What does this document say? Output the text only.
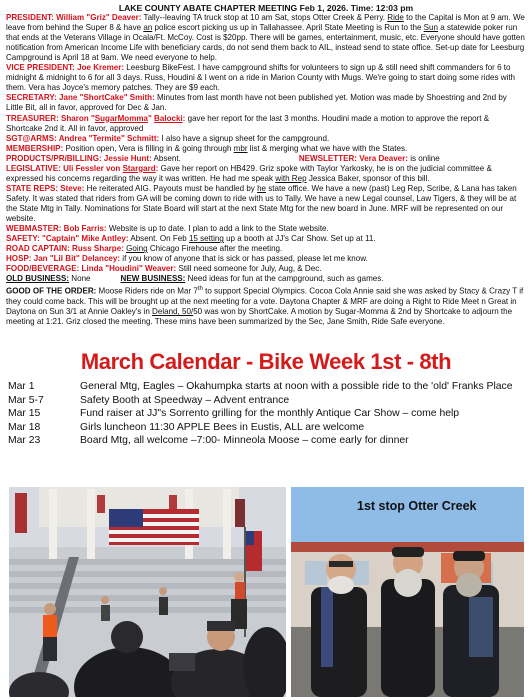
LAKE COUNTY ABATE CHAPTER MEETING Feb 1, 2026. Time: 12:03 pm

PRESIDENT: William "Griz" Deaver: Tally--leaving TA truck stop at 10 am Sat, stops Otter Creek & Perry. Ride to the Capital is Mon at 9 am. We leave from behind the Super 8 & have an police escort picking us up in Tallahassee. April State Meeting is Run to the Sun a statewide poker run that ends at the Veterans Village in Ocala/Ft. McCoy. Cost is $20pp. There will be games, entertainment, music, etc. Everyone should have gotten notification from American Income Life with beneficiary cards, do not send them back to AIL, instead send to state office. Set-up date for Leesburg Campground is April 18 at 9am. We need everyone to help.

VICE PRESIDENT: Joe Kremer: Leesburg BikeFest. I have campground shifts for volunteers to sign up & still need shift commanders for 6 to midnight & midnight to 6 for all 3 days. Russ, Houdini & I went on a ride in Marion County with Mugs. We're going to start doing some rides with them. Vera has Joyce's memory patches. They are $9 each.

SECRETARY: Jane "ShortCake" Smith: Minutes from last month have not been published yet. Motion was made by Shoestring and 2nd by Little Bit, all in favor, approved for Dec & Jan.

TREASURER: Sharon "SugarMomma" Balocki: gave her report for the last 3 months. Houdini made a motion to approve the report & Shortcake 2nd it. All in favor, approved

SGT@ARMS: Andrea "Termite" Schmitt: I also have a signup sheet for the campground.

MEMBERSHIP: Position open, Vera is filling in & going through mbr list & merging what we have with the States.

PRODUCTS/PR/BILLING: Jessie Hunt: Absent.	NEWSLETTER: Vera Deaver: is online

LEGISLATIVE: Uli Fessler von Stargard: Gave her report on HB429. Griz spoke with Taylor Yarkosky, he is on the judicial committee & expressed his concerns regarding the way it was written. He had me speak with Rep Jessica Baker, sponsor of this bill.

STATE REPS: Steve: He reiterated AIG. Payouts must be handled by he state office. We have a new (past) Leg Rep, Scribe, & Lana has taken Safety. It was stated that riders from GA will be coming down to ride with us to Tally. We have a new Legal counsel, Law Tigers, & they will be at the State Mtg in Tally. Nominations for State Board will start at the next State Mtg for the new board in June. MRF will be represented on our website.

WEBMASTER: Bob Farris: Website is up to date. I plan to add a link to the State website.

SAFETY: "Captain" Mike Antley: Absent. On Feb 15 setting up a booth at JJ's Car Show. Set up at 11.

ROAD CAPTAIN: Russ Sharpe: Going Chicago Firehouse after the meeting.

HOSP: Jan "Lil Bit" Delancey: if you know of anyone that is sick or has passed, please let me know.

FOOD/BEVERAGE: Linda "Houdini" Weaver: Still need someone for July, Aug, & Dec.

OLD BUSINESS: None	NEW BUSINESS: Need ideas for fun at the campground, such as games.

GOOD OF THE ORDER: Moose Riders ride on Mar 7th to support Special Olympics. Cocoa Cola Annie said she was asked by Stacy & Crazy T if they could come back. This will be brought up at the next meeting for a vote. Daytona Chapter & MRF are doing a Right to Ride Meet n Great in Daytona on Sun 3/1 at Annie Oakley's in Deland, 50/50 was won by ShortCake. A motion by Sugar-Momma & 2nd by Shortcake to adjourn the meeting at 1:21. Griz closed the meeting. These mins have been summarized by the Sec, Jane Smith, Ride Safe everyone.

March Calendar - Bike Week 1st - 8th
Mar 1	General Mtg, Eagles – Okahumpka starts at noon with a possible ride to the 'old' Franks Place
Mar 5-7	Safety Booth at Speedway – Advent entrance
Mar 15	Fund raiser at JJ"s Sorrento grilling for the monthly Antique Car Show – come help
Mar 18	Girls luncheon 11:30 APPLE Bees in Eustis, ALL are welcome
Mar 23	Board Mtg, all welcome –7:00- Minneola Moose – come early for dinner
1st stop Otter Creek
